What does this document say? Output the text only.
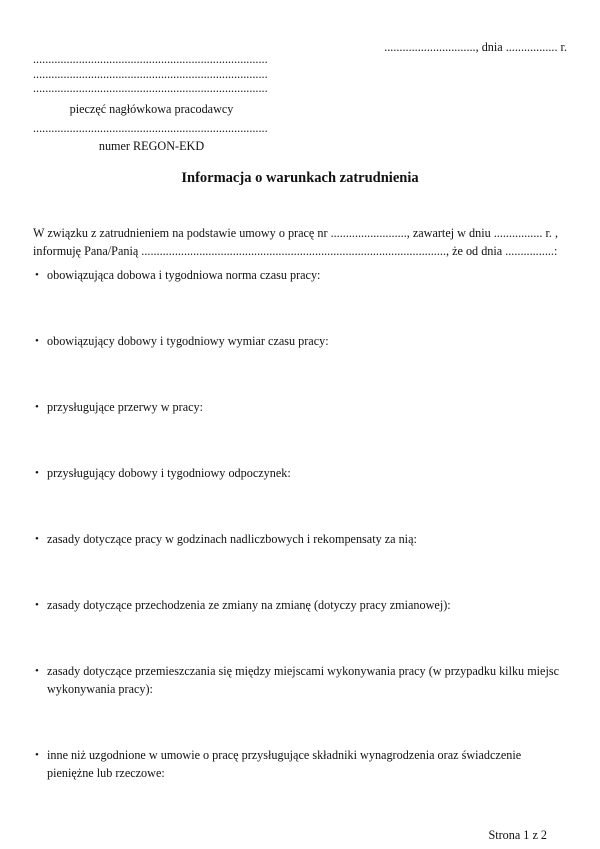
.............................., dnia ................. r.
.............................................................................
.............................................................................
.............................................................................
pieczęć nagłówkowa pracodawcy
.............................................................................
numer REGON-EKD
Informacja o warunkach zatrudnienia
W związku z zatrudnieniem na podstawie umowy o pracę nr ........................., zawartej w dniu ................ r. ,
informuję Pana/Panią ...................................................................................................., że od dnia ................:
• obowiązująca dobowa i tygodniowa norma czasu pracy:
• obowiązujący dobowy i tygodniowy wymiar czasu pracy:
• przysługujące przerwy w pracy:
• przysługujący dobowy i tygodniowy odpoczynek:
• zasady dotyczące pracy w godzinach nadliczbowych i rekompensaty za nią:
• zasady dotyczące przechodzenia ze zmiany na zmianę (dotyczy pracy zmianowej):
• zasady dotyczące przemieszczania się między miejscami wykonywania pracy (w przypadku kilku miejsc wykonywania pracy):
• inne niż uzgodnione w umowie o pracę przysługujące składniki wynagrodzenia oraz świadczenie pieniężne lub rzeczowe:
Strona 1 z 2
